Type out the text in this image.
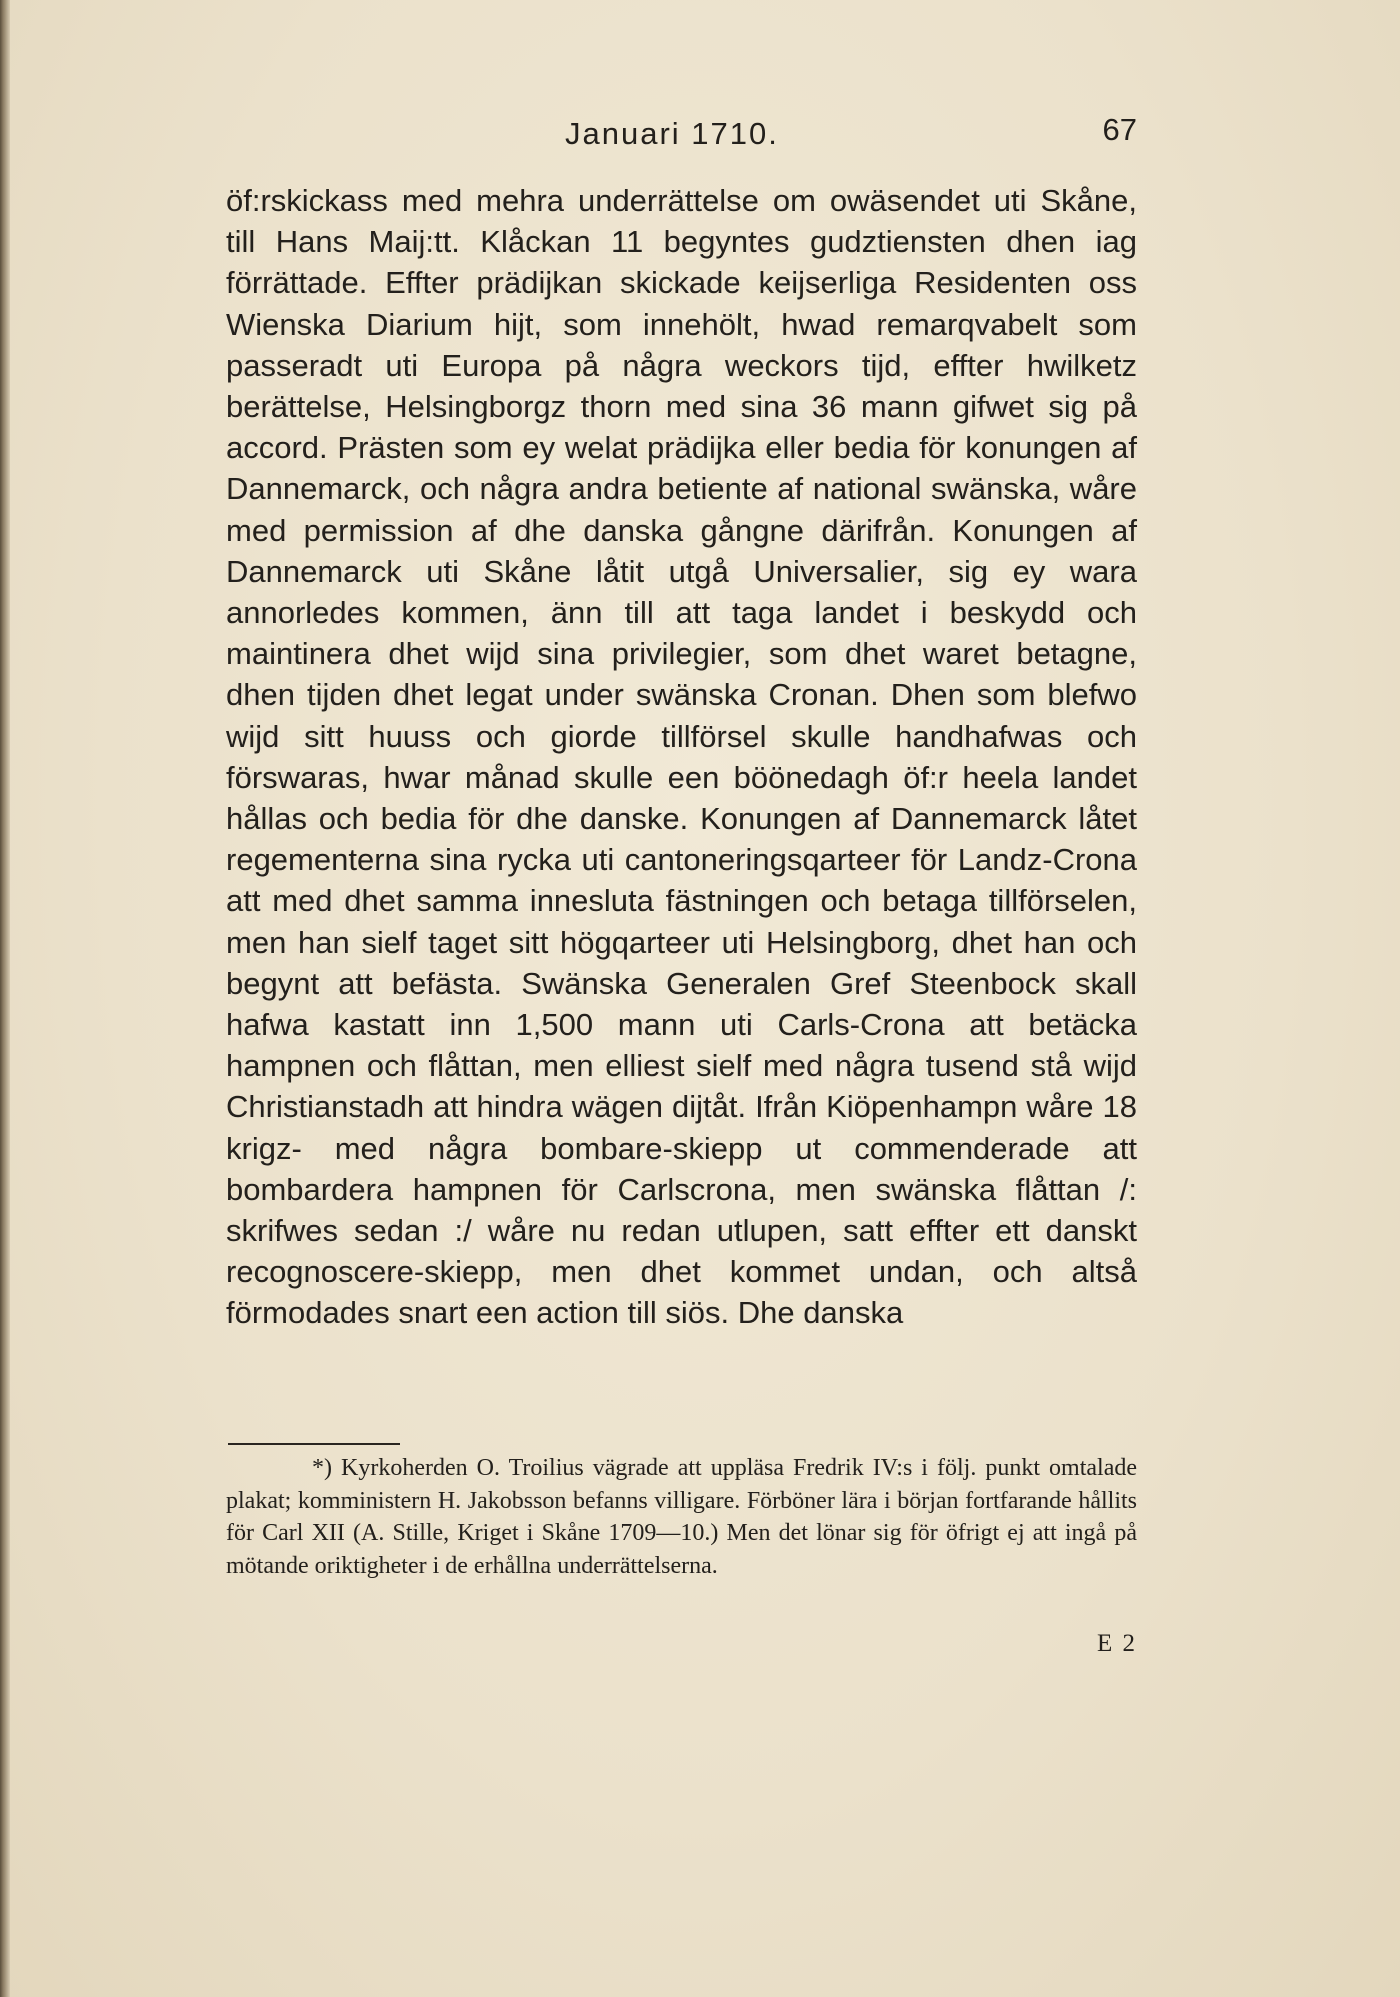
Januari 1710.	67

öf:rskickass med mehra underrättelse om owäsendet uti Skåne, till Hans Maij:tt. Klåckan 11 begyntes gudztiensten dhen iag förrättade. Effter prädijkan skickade keijserliga Residenten oss Wienska Diarium hijt, som innehölt, hwad remarqvabelt som passeradt uti Europa på några weckors tijd, effter hwilketz berättelse, Helsingborgz thorn med sina 36 mann gifwet sig på accord. Prästen som ey welat prädijka eller bedia för konungen af Dannemarck, och några andra betiente af national swänska, wåre med permission af dhe danska gångne därifrån. Konungen af Dannemarck uti Skåne låtit utgå Universalier, sig ey wara annorledes kommen, änn till att taga landet i beskydd och maintinera dhet wijd sina privilegier, som dhet waret betagne, dhen tijden dhet legat under swänska Cronan. Dhen som blefwo wijd sitt huuss och giorde tillförsel skulle handhafwas och förswaras, hwar månad skulle een böönedagh öf:r heela landet hållas och bedia för dhe danske. Konungen af Dannemarck låtet regementerna sina rycka uti cantoneringsqarteer för Landz-Crona att med dhet samma innesluta fästningen och betaga tillförselen, men han sielf taget sitt högqarteer uti Helsingborg, dhet han och begynt att befästa. Swänska Generalen Gref Steenbock skall hafwa kastatt inn 1,500 mann uti Carls-Crona att betäcka hampnen och flåttan, men elliest sielf med några tusend stå wijd Christianstadh att hindra wägen dijtåt. Ifrån Kiöpenhampn wåre 18 krigz- med några bombare-skiepp ut commenderade att bombardera hampnen för Carlscrona, men swänska flåttan /: skrifwes sedan :/ wåre nu redan utlupen, satt effter ett danskt recognoscere-skiepp, men dhet kommet undan, och altså förmodades snart een action till siös. Dhe danska

*) Kyrkoherden O. Troilius vägrade att uppläsa Fredrik IV:s i följ. punkt omtalade plakat; komministern H. Jakobsson befanns villigare. Förböner lära i början fortfarande hållits för Carl XII (A. Stille, Kriget i Skåne 1709—10.) Men det lönar sig för öfrigt ej att ingå på mötande oriktigheter i de erhållna underrättelserna.

E 2
